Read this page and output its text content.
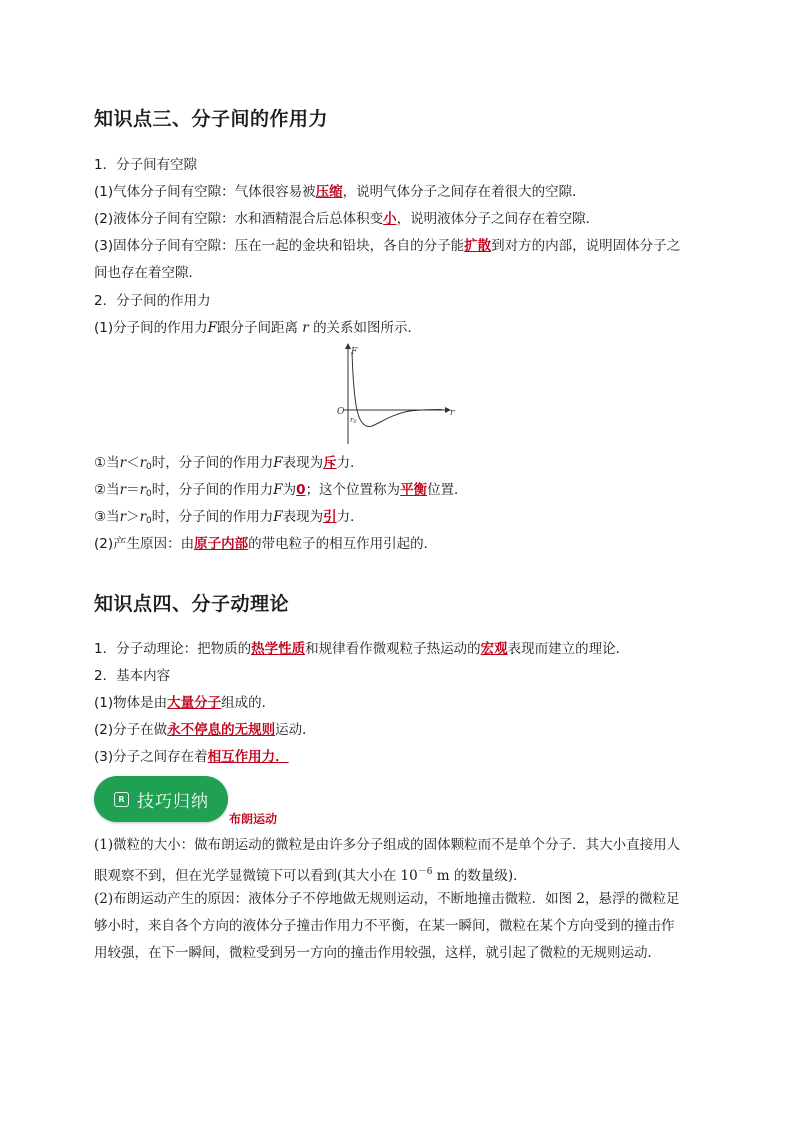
知识点三、分子间的作用力
1．分子间有空隙
(1)气体分子间有空隙：气体很容易被压缩，说明气体分子之间存在着很大的空隙．
(2)液体分子间有空隙：水和酒精混合后总体积变小，说明液体分子之间存在着空隙．
(3)固体分子间有空隙：压在一起的金块和铅块，各自的分子能扩散到对方的内部，说明固体分子之
间也存在着空隙．
2．分子间的作用力
(1)分子间的作用力F跟分子间距离 r 的关系如图所示．
F
r
O
r0
①当$r<r_0$时，分子间的作用力F表现为斥力．
②当$r=r_0$时，分子间的作用力F为0；这个位置称为平衡位置．
③当$r>r_0$时，分子间的作用力F表现为引力．
(2)产生原因：由原子内部的带电粒子的相互作用引起的．
知识点四、分子动理论
1．分子动理论：把物质的热学性质和规律看作微观粒子热运动的宏观表现而建立的理论．
2．基本内容
(1)物体是由大量分子组成的．
(2)分子在做永不停息的无规则运动．
(3)分子之间存在着相互作用力．
R 技巧归纳
布朗运动
(1)微粒的大小：做布朗运动的微粒是由许多分子组成的固体颗粒而不是单个分子．其大小直接用人
眼观察不到，但在光学显微镜下可以看到(其大小在 $10^{-6}$ m 的数量级)．
(2)布朗运动产生的原因：液体分子不停地做无规则运动，不断地撞击微粒．如图 2，悬浮的微粒足
够小时，来自各个方向的液体分子撞击作用力不平衡，在某一瞬间，微粒在某个方向受到的撞击作
用较强，在下一瞬间，微粒受到另一方向的撞击作用较强，这样，就引起了微粒的无规则运动．
